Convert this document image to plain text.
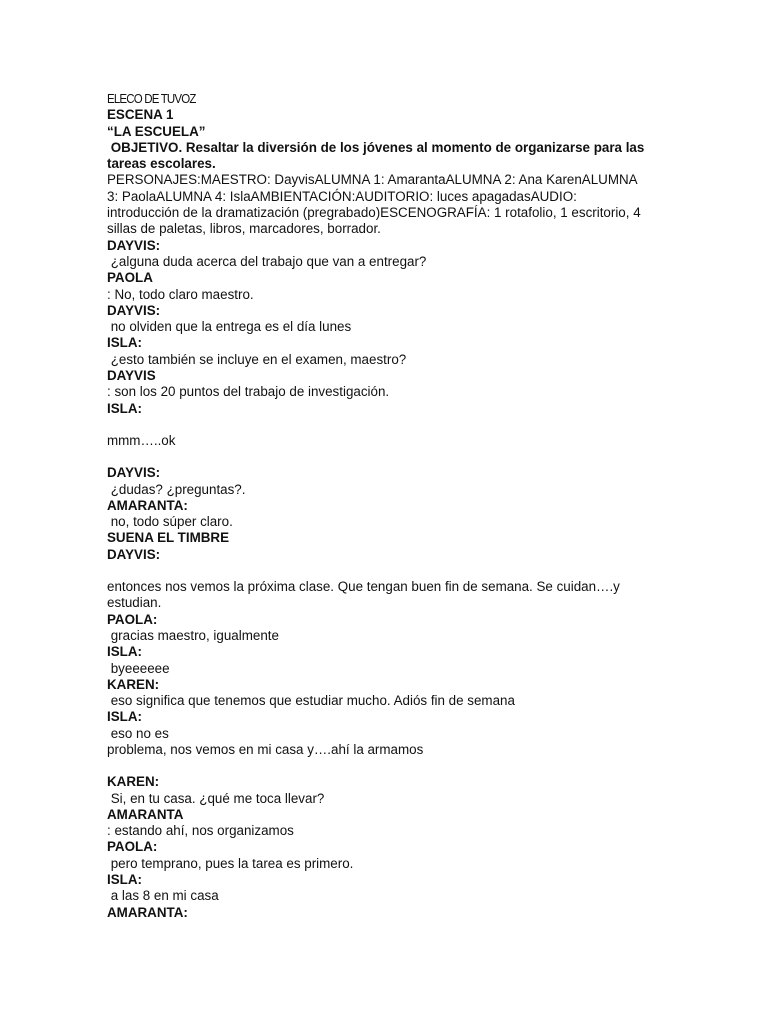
ELECO DE TUVOZ
ESCENA 1
“LA ESCUELA”
OBJETIVO. Resaltar la diversión de los jóvenes al momento de organizarse para las
tareas escolares.
PERSONAJES:MAESTRO: DayvisALUMNA 1: AmarantaALUMNA 2: Ana KarenALUMNA
3: PaolaALUMNA 4: IslaAMBIENTACIÓN:AUDITORIO: luces apagadasAUDIO:
introducción de la dramatización (pregrabado)ESCENOGRAFÍA: 1 rotafolio, 1 escritorio, 4
sillas de paletas, libros, marcadores, borrador.
DAYVIS:
¿alguna duda acerca del trabajo que van a entregar?
PAOLA
: No, todo claro maestro.
DAYVIS:
no olviden que la entrega es el día lunes
ISLA:
¿esto también se incluye en el examen, maestro?
DAYVIS
: son los 20 puntos del trabajo de investigación.
ISLA:
mmm…..ok
DAYVIS:
¿dudas? ¿preguntas?.
AMARANTA:
no, todo súper claro.
SUENA EL TIMBRE
DAYVIS:
entonces nos vemos la próxima clase. Que tengan buen fin de semana. Se cuidan….y
estudian.
PAOLA:
gracias maestro, igualmente
ISLA:
byeeeeee
KAREN:
eso significa que tenemos que estudiar mucho. Adiós fin de semana
ISLA:
eso no es
problema, nos vemos en mi casa y….ahí la armamos
KAREN:
Si, en tu casa. ¿qué me toca llevar?
AMARANTA
: estando ahí, nos organizamos
PAOLA:
pero temprano, pues la tarea es primero.
ISLA:
a las 8 en mi casa
AMARANTA:
